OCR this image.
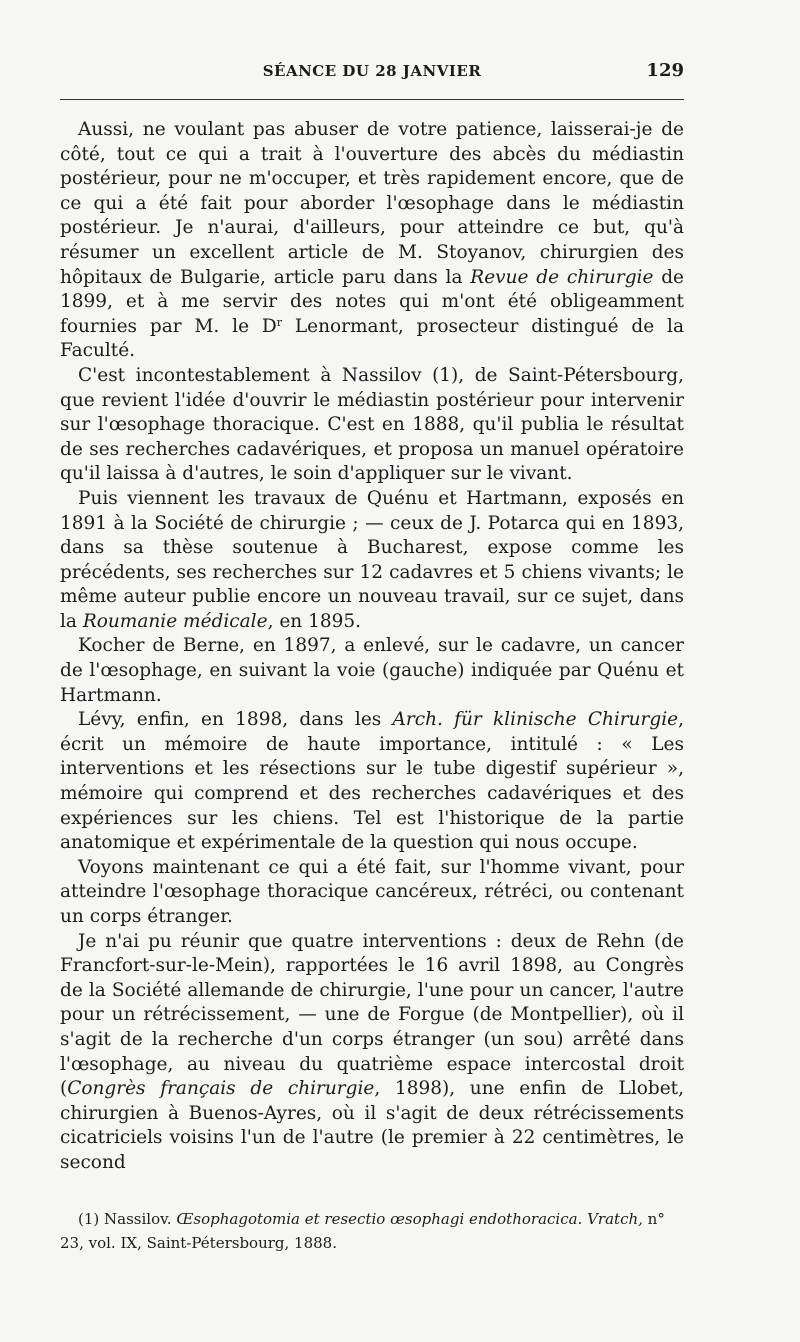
SÉANCE DU 28 JANVIER	129

Aussi, ne voulant pas abuser de votre patience, laisserai-je de côté, tout ce qui a trait à l'ouverture des abcès du médiastin postérieur, pour ne m'occuper, et très rapidement encore, que de ce qui a été fait pour aborder l'œsophage dans le médiastin postérieur. Je n'aurai, d'ailleurs, pour atteindre ce but, qu'à résumer un excellent article de M. Stoyanov, chirurgien des hôpitaux de Bulgarie, article paru dans la Revue de chirurgie de 1899, et à me servir des notes qui m'ont été obligeamment fournies par M. le $D^r$ Lenormant, prosecteur distingué de la Faculté.

C'est incontestablement à Nassilov (1), de Saint-Pétersbourg, que revient l'idée d'ouvrir le médiastin postérieur pour intervenir sur l'œsophage thoracique. C'est en 1888, qu'il publia le résultat de ses recherches cadavériques, et proposa un manuel opératoire qu'il laissa à d'autres, le soin d'appliquer sur le vivant.

Puis viennent les travaux de Quénu et Hartmann, exposés en 1891 à la Société de chirurgie ; — ceux de J. Potarca qui en 1893, dans sa thèse soutenue à Bucharest, expose comme les précédents, ses recherches sur 12 cadavres et 5 chiens vivants; le même auteur publie encore un nouveau travail, sur ce sujet, dans la Roumanie médicale, en 1895.

Kocher de Berne, en 1897, a enlevé, sur le cadavre, un cancer de l'œsophage, en suivant la voie (gauche) indiquée par Quénu et Hartmann.

Lévy, enfin, en 1898, dans les Arch. für klinische Chirurgie, écrit un mémoire de haute importance, intitulé : « Les interventions et les résections sur le tube digestif supérieur », mémoire qui comprend et des recherches cadavériques et des expériences sur les chiens. Tel est l'historique de la partie anatomique et expérimentale de la question qui nous occupe.

Voyons maintenant ce qui a été fait, sur l'homme vivant, pour atteindre l'œsophage thoracique cancéreux, rétréci, ou contenant un corps étranger.

Je n'ai pu réunir que quatre interventions : deux de Rehn (de Francfort-sur-le-Mein), rapportées le 16 avril 1898, au Congrès de la Société allemande de chirurgie, l'une pour un cancer, l'autre pour un rétrécissement, — une de Forgue (de Montpellier), où il s'agit de la recherche d'un corps étranger (un sou) arrêté dans l'œsophage, au niveau du quatrième espace intercostal droit (Congrès français de chirurgie, 1898), une enfin de Llobet, chirurgien à Buenos-Ayres, où il s'agit de deux rétrécissements cicatriciels voisins l'un de l'autre (le premier à 22 centimètres, le second

(1) Nassilov. Œsophagotomia et resectio œsophagi endothoracica. Vratch, n° 23, vol. IX, Saint-Pétersbourg, 1888.
